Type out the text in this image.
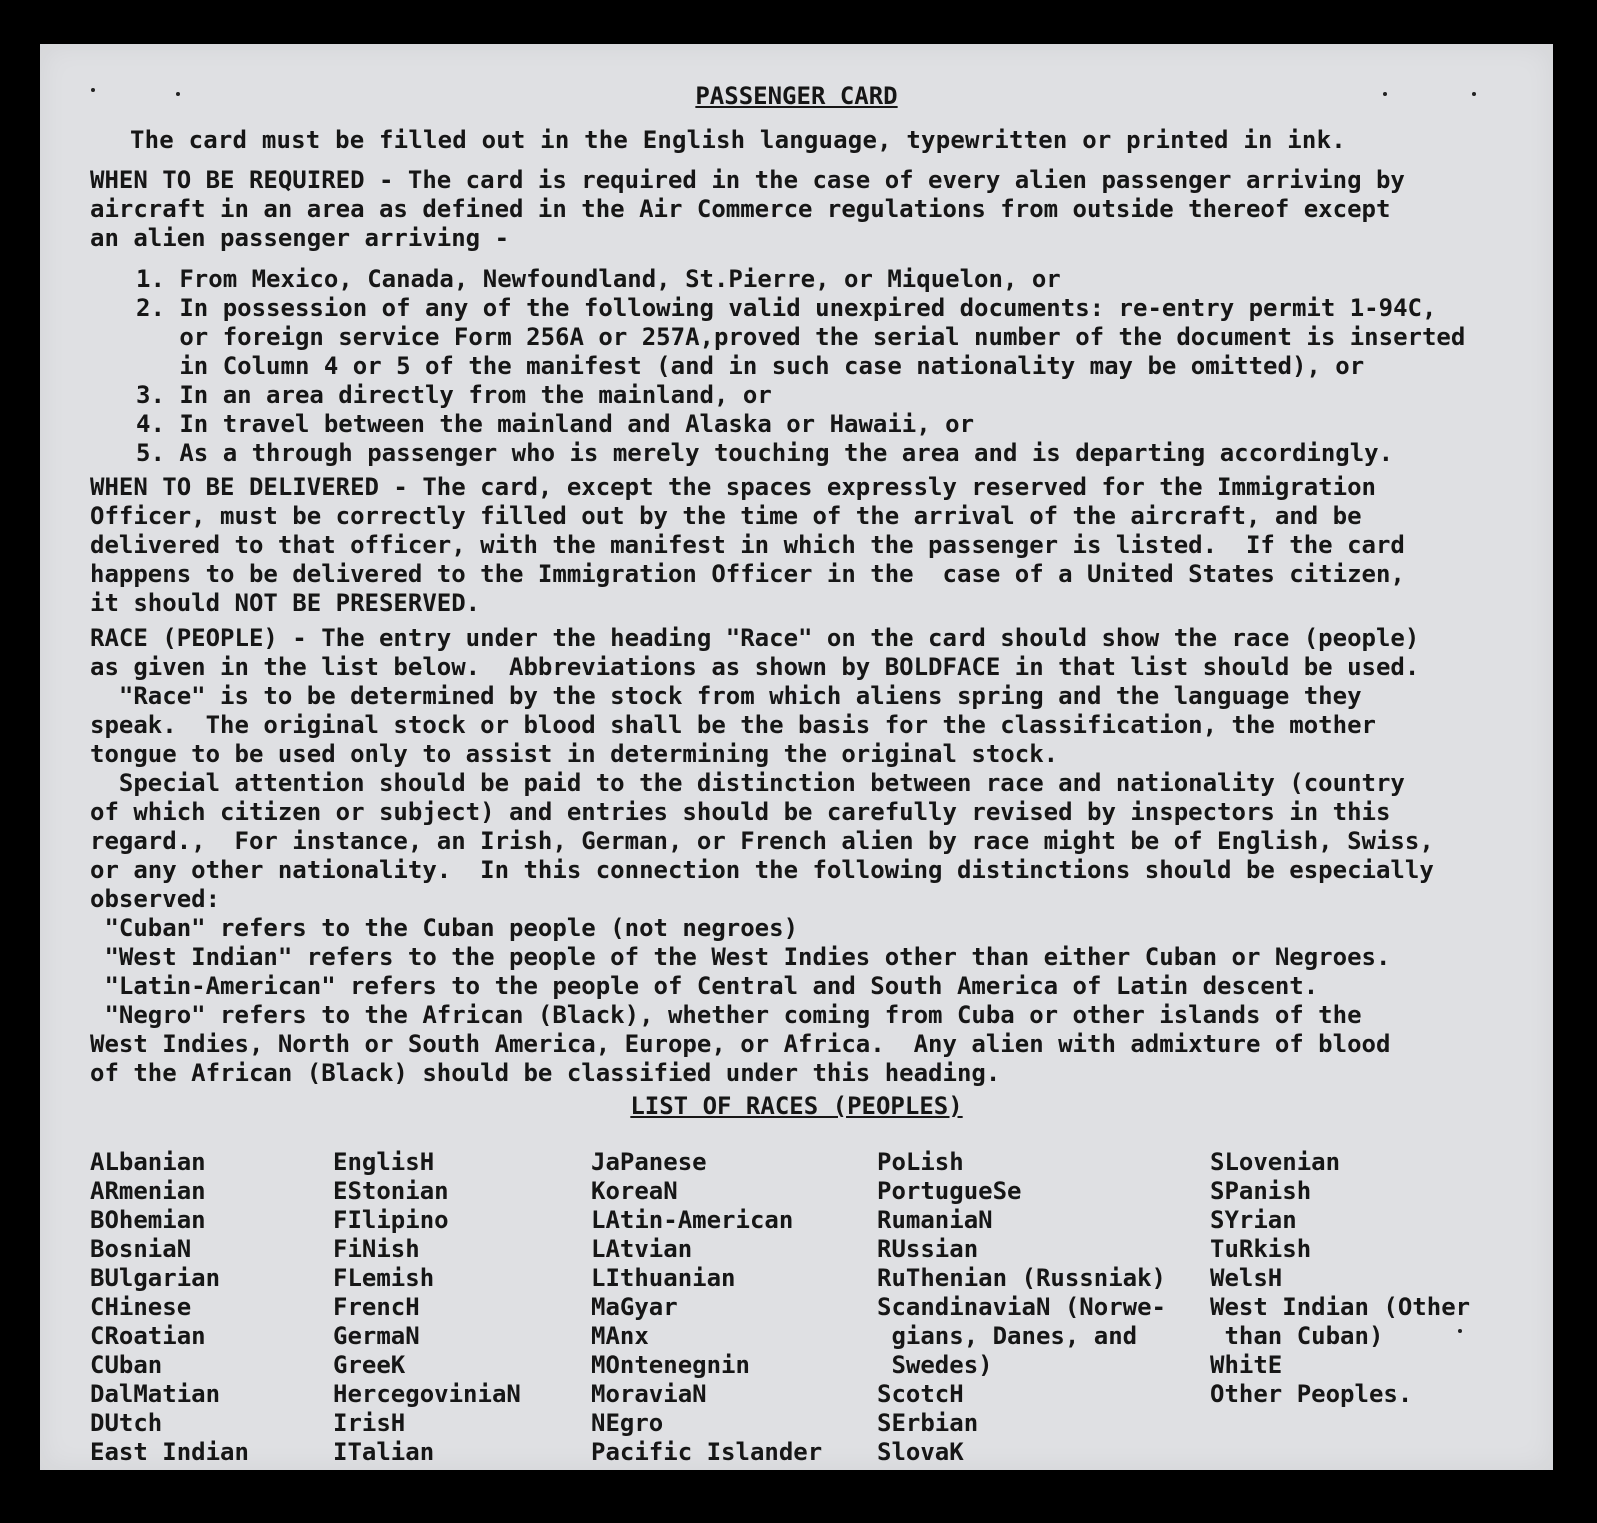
PASSENGER CARD
The card must be filled out in the English language, typewritten or printed in ink.
WHEN TO BE REQUIRED - The card is required in the case of every alien passenger arriving by
aircraft in an area as defined in the Air Commerce regulations from outside thereof except
an alien passenger arriving -
1. From Mexico, Canada, Newfoundland, St.Pierre, or Miquelon, or
2. In possession of any of the following valid unexpired documents: re-entry permit 1-94C,
or foreign service Form 256A or 257A,proved the serial number of the document is inserted
in Column 4 or 5 of the manifest (and in such case nationality may be omitted), or
3. In an area directly from the mainland, or
4. In travel between the mainland and Alaska or Hawaii, or
5. As a through passenger who is merely touching the area and is departing accordingly.
WHEN TO BE DELIVERED - The card, except the spaces expressly reserved for the Immigration
Officer, must be correctly filled out by the time of the arrival of the aircraft, and be
delivered to that officer, with the manifest in which the passenger is listed.  If the card
happens to be delivered to the Immigration Officer in the  case of a United States citizen,
it should NOT BE PRESERVED.
RACE (PEOPLE) - The entry under the heading "Race" on the card should show the race (people)
as given in the list below.  Abbreviations as shown by BOLDFACE in that list should be used.
"Race" is to be determined by the stock from which aliens spring and the language they
speak.  The original stock or blood shall be the basis for the classification, the mother
tongue to be used only to assist in determining the original stock.
Special attention should be paid to the distinction between race and nationality (country
of which citizen or subject) and entries should be carefully revised by inspectors in this
regard.,  For instance, an Irish, German, or French alien by race might be of English, Swiss,
or any other nationality.  In this connection the following distinctions should be especially
observed:
"Cuban" refers to the Cuban people (not negroes)
"West Indian" refers to the people of the West Indies other than either Cuban or Negroes.
"Latin-American" refers to the people of Central and South America of Latin descent.
"Negro" refers to the African (Black), whether coming from Cuba or other islands of the
West Indies, North or South America, Europe, or Africa.  Any alien with admixture of blood
of the African (Black) should be classified under this heading.
LIST OF RACES (PEOPLES)
ALbanian
ARmenian
BOhemian
BosniaN
BUlgarian
CHinese
CRoatian
CUban
DalMatian
DUtch
East Indian
EnglisH
EStonian
FIlipino
FiNish
FLemish
FrencH
GermaN
GreeK
HercegoviniaN
IrisH
ITalian
JaPanese
KoreaN
LAtin-American
LAtvian
LIthuanian
MaGyar
MAnx
MOntenegnin
MoraviaN
NEgro
Pacific Islander
PoLish
PortugueSe
RumaniaN
RUssian
RuThenian (Russniak)
ScandinaviaN (Norwe-
gians, Danes, and
Swedes)
ScotcH
SErbian
SlovaK
SLovenian
SPanish
SYrian
TuRkish
WelsH
West Indian (Other
than Cuban)
WhitE
Other Peoples.
